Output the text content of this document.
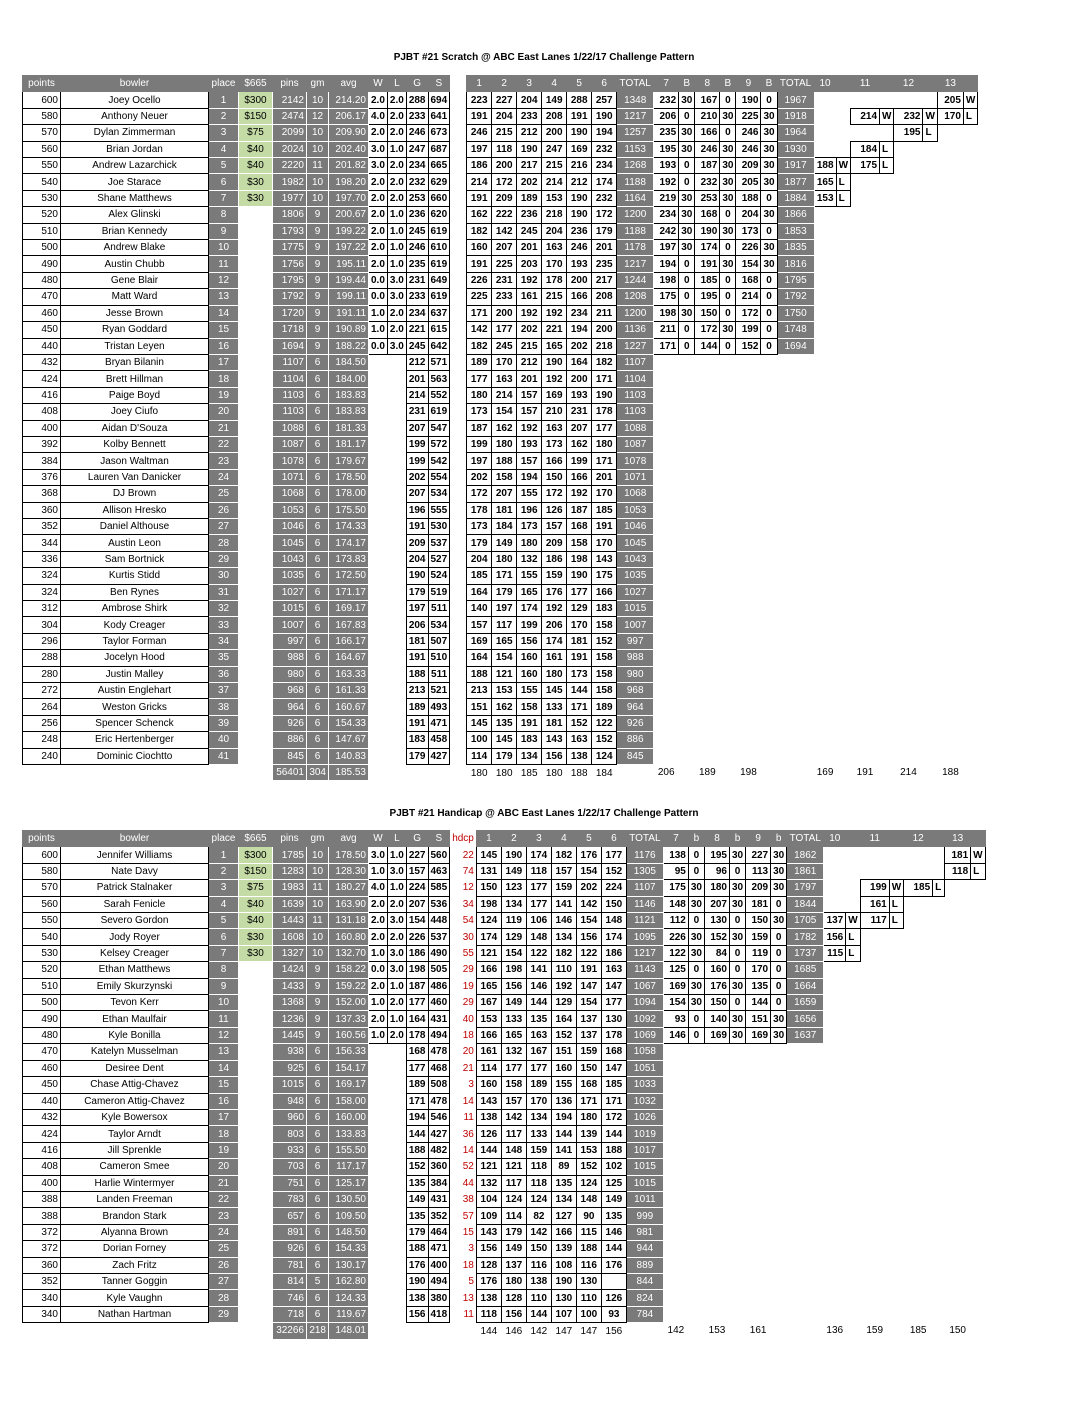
PJBT #21 Scratch @ ABC East Lanes 1/22/17 Challenge Pattern
points	bowler	place	$665	pins	gm	avg	W	L	G	S		1	2	3	4	5	6	TOTAL	7	B	8	B	9	B	TOTAL	10		11		12		13	
600	Joey Ocello	1	$300	2142	10	214.20	2.0	2.0	288	694		223	227	204	149	288	257	1348	232	30	167	0	190	0	1967							205	W
580	Anthony Neuer	2	$150	2474	12	206.17	4.0	2.0	233	641		191	204	233	208	191	190	1217	206	0	210	30	225	30	1918			214	W	232	W	170	L
570	Dylan Zimmerman	3	$75	2099	10	209.90	2.0	2.0	246	673		246	215	212	200	190	194	1257	235	30	166	0	246	30	1964					195	L		
560	Brian Jordan	4	$40	2024	10	202.40	3.0	1.0	247	687		197	118	190	247	169	232	1153	195	30	246	30	246	30	1930			184	L				
550	Andrew Lazarchick	5	$40	2220	11	201.82	3.0	2.0	234	665		186	200	217	215	216	234	1268	193	0	187	30	209	30	1917	188	W	175	L				
540	Joe Starace	6	$30	1982	10	198.20	2.0	2.0	232	629		214	172	202	214	212	174	1188	192	0	232	30	205	30	1877	165	L						
530	Shane Matthews	7	$30	1977	10	197.70	2.0	2.0	253	660		191	209	189	153	190	232	1164	219	30	253	30	188	0	1884	153	L						
520	Alex Glinski	8		1806	9	200.67	2.0	1.0	236	620		162	222	236	218	190	172	1200	234	30	168	0	204	30	1866								
510	Brian Kennedy	9		1793	9	199.22	2.0	1.0	245	619		182	142	245	204	236	179	1188	242	30	190	30	173	0	1853								
500	Andrew Blake	10		1775	9	197.22	2.0	1.0	246	610		160	207	201	163	246	201	1178	197	30	174	0	226	30	1835								
490	Austin Chubb	11		1756	9	195.11	2.0	1.0	235	619		191	225	203	170	193	235	1217	194	0	191	30	154	30	1816								
480	Gene Blair	12		1795	9	199.44	0.0	3.0	231	649		226	231	192	178	200	217	1244	198	0	185	0	168	0	1795								
470	Matt Ward	13		1792	9	199.11	0.0	3.0	233	619		225	233	161	215	166	208	1208	175	0	195	0	214	0	1792								
460	Jesse Brown	14		1720	9	191.11	1.0	2.0	234	637		171	200	192	192	234	211	1200	198	30	150	0	172	0	1750								
450	Ryan Goddard	15		1718	9	190.89	1.0	2.0	221	615		142	177	202	221	194	200	1136	211	0	172	30	199	0	1748								
440	Tristan Leyen	16		1694	9	188.22	0.0	3.0	245	642		182	245	215	165	202	218	1227	171	0	144	0	152	0	1694								
432	Bryan Bilanin	17		1107	6	184.50			212	571		189	170	212	190	164	182	1107															
424	Brett Hillman	18		1104	6	184.00			201	563		177	163	201	192	200	171	1104															
416	Paige Boyd	19		1103	6	183.83			214	552		180	214	157	169	193	190	1103															
408	Joey Ciufo	20		1103	6	183.83			231	619		173	154	157	210	231	178	1103															
400	Aidan D'Souza	21		1088	6	181.33			207	547		187	162	192	163	207	177	1088															
392	Kolby Bennett	22		1087	6	181.17			199	572		199	180	193	173	162	180	1087															
384	Jason Waltman	23		1078	6	179.67			199	542		197	188	157	166	199	171	1078															
376	Lauren Van Danicker	24		1071	6	178.50			202	554		202	158	194	150	166	201	1071															
368	DJ Brown	25		1068	6	178.00			207	534		172	207	155	172	192	170	1068															
360	Allison Hresko	26		1053	6	175.50			196	555		178	181	196	126	187	185	1053															
352	Daniel Althouse	27		1046	6	174.33			191	530		173	184	173	157	168	191	1046															
344	Austin Leon	28		1045	6	174.17			209	537		179	149	180	209	158	170	1045															
336	Sam Bortnick	29		1043	6	173.83			204	527		204	180	132	186	198	143	1043															
324	Kurtis Stidd	30		1035	6	172.50			190	524		185	171	155	159	190	175	1035															
324	Ben Rynes	31		1027	6	171.17			179	519		164	179	165	176	177	166	1027															
312	Ambrose Shirk	32		1015	6	169.17			197	511		140	197	174	192	129	183	1015															
304	Kody Creager	33		1007	6	167.83			206	534		157	117	199	206	170	158	1007															
296	Taylor Forman	34		997	6	166.17			181	507		169	165	156	174	181	152	997															
288	Jocelyn Hood	35		988	6	164.67			191	510		164	154	160	161	191	158	988															
280	Justin Malley	36		980	6	163.33			188	511		188	121	160	180	173	158	980															
272	Austin Englehart	37		968	6	161.33			213	521		213	153	155	145	144	158	968															
264	Weston Gricks	38		964	6	160.67			189	493		151	162	158	133	171	189	964															
256	Spencer Schenck	39		926	6	154.33			191	471		145	135	191	181	152	122	926															
248	Eric Hertenberger	40		886	6	147.67			183	458		100	145	183	143	163	152	886															
240	Dominic Ciochtto	41		845	6	140.83			179	427		114	179	134	156	138	124	845															
				56401	304	185.53						180	180	185	180	188	184		206		189		198			169		191		214		188	
PJBT #21 Handicap @ ABC East Lanes 1/22/17 Challenge Pattern
points	bowler	place	$665	pins	gm	avg	W	L	G	S	hdcp	1	2	3	4	5	6	TOTAL	7	b	8	b	9	b	TOTAL	10		11		12		13	
600	Jennifer Williams	1	$300	1785	10	178.50	3.0	1.0	227	560	22	145	190	174	182	176	177	1176	138	0	195	30	227	30	1862							181	W
580	Nate Davy	2	$150	1283	10	128.30	1.0	3.0	157	463	74	131	149	118	157	154	152	1305	95	0	96	0	113	30	1861							118	L
570	Patrick Stalnaker	3	$75	1983	11	180.27	4.0	1.0	224	585	12	150	123	177	159	202	224	1107	175	30	180	30	209	30	1797			199	W	185	L		
560	Sarah Fenicle	4	$40	1639	10	163.90	2.0	2.0	207	536	34	198	134	177	141	142	150	1146	148	30	207	30	181	0	1844			161	L				
550	Severo Gordon	5	$40	1443	11	131.18	2.0	3.0	154	448	54	124	119	106	146	154	148	1121	112	0	130	0	150	30	1705	137	W	117	L				
540	Jody Royer	6	$30	1608	10	160.80	2.0	2.0	226	537	30	174	129	148	134	156	174	1095	226	30	152	30	159	0	1782	156	L						
530	Kelsey Creager	7	$30	1327	10	132.70	1.0	3.0	186	490	55	121	154	122	182	122	186	1217	122	30	84	0	119	0	1737	115	L						
520	Ethan Matthews	8		1424	9	158.22	0.0	3.0	198	505	29	166	198	141	110	191	163	1143	125	0	160	0	170	0	1685								
510	Emily Skurzynski	9		1433	9	159.22	2.0	1.0	187	486	19	165	156	146	192	147	147	1067	169	30	176	30	135	0	1664								
500	Tevon Kerr	10		1368	9	152.00	1.0	2.0	177	460	29	167	149	144	129	154	177	1094	154	30	150	0	144	0	1659								
490	Ethan Maulfair	11		1236	9	137.33	2.0	1.0	164	431	40	153	133	135	164	137	130	1092	93	0	140	30	151	30	1656								
480	Kyle Bonilla	12		1445	9	160.56	1.0	2.0	178	494	18	166	165	163	152	137	178	1069	146	0	169	30	169	30	1637								
470	Katelyn Musselman	13		938	6	156.33			168	478	20	161	132	167	151	159	168	1058															
460	Desiree Dent	14		925	6	154.17			177	468	21	114	177	177	160	150	147	1051															
450	Chase Attig-Chavez	15		1015	6	169.17			189	508	3	160	158	189	155	168	185	1033															
440	Cameron Attig-Chavez	16		948	6	158.00			171	478	14	143	157	170	136	171	171	1032															
432	Kyle Bowersox	17		960	6	160.00			194	546	11	138	142	134	194	180	172	1026															
424	Taylor Arndt	18		803	6	133.83			144	427	36	126	117	133	144	139	144	1019															
416	Jill Sprenkle	19		933	6	155.50			188	482	14	144	148	159	141	153	188	1017															
408	Cameron Smee	20		703	6	117.17			152	360	52	121	121	118	89	152	102	1015															
400	Harlie Wintermyer	21		751	6	125.17			135	384	44	132	117	118	135	124	125	1015															
388	Landen Freeman	22		783	6	130.50			149	431	38	104	124	124	134	148	149	1011															
388	Brandon Stark	23		657	6	109.50			135	352	57	109	114	82	127	90	135	999															
372	Alyanna Brown	24		891	6	148.50			179	464	15	143	179	142	166	115	146	981															
372	Dorian Forney	25		926	6	154.33			188	471	3	156	149	150	139	188	144	944															
360	Zach Fritz	26		781	6	130.17			176	400	18	128	137	116	108	116	176	889															
352	Tanner Goggin	27		814	5	162.80			190	494	5	176	180	138	190	130		844															
340	Kyle Vaughn	28		746	6	124.33			138	380	13	138	128	110	130	110	126	824															
340	Nathan Hartman	29		718	6	119.67			156	418	11	118	156	144	107	100	93	784															
				32266	218	148.01						144	146	142	147	147	156		142		153		161			136		159		185		150	
